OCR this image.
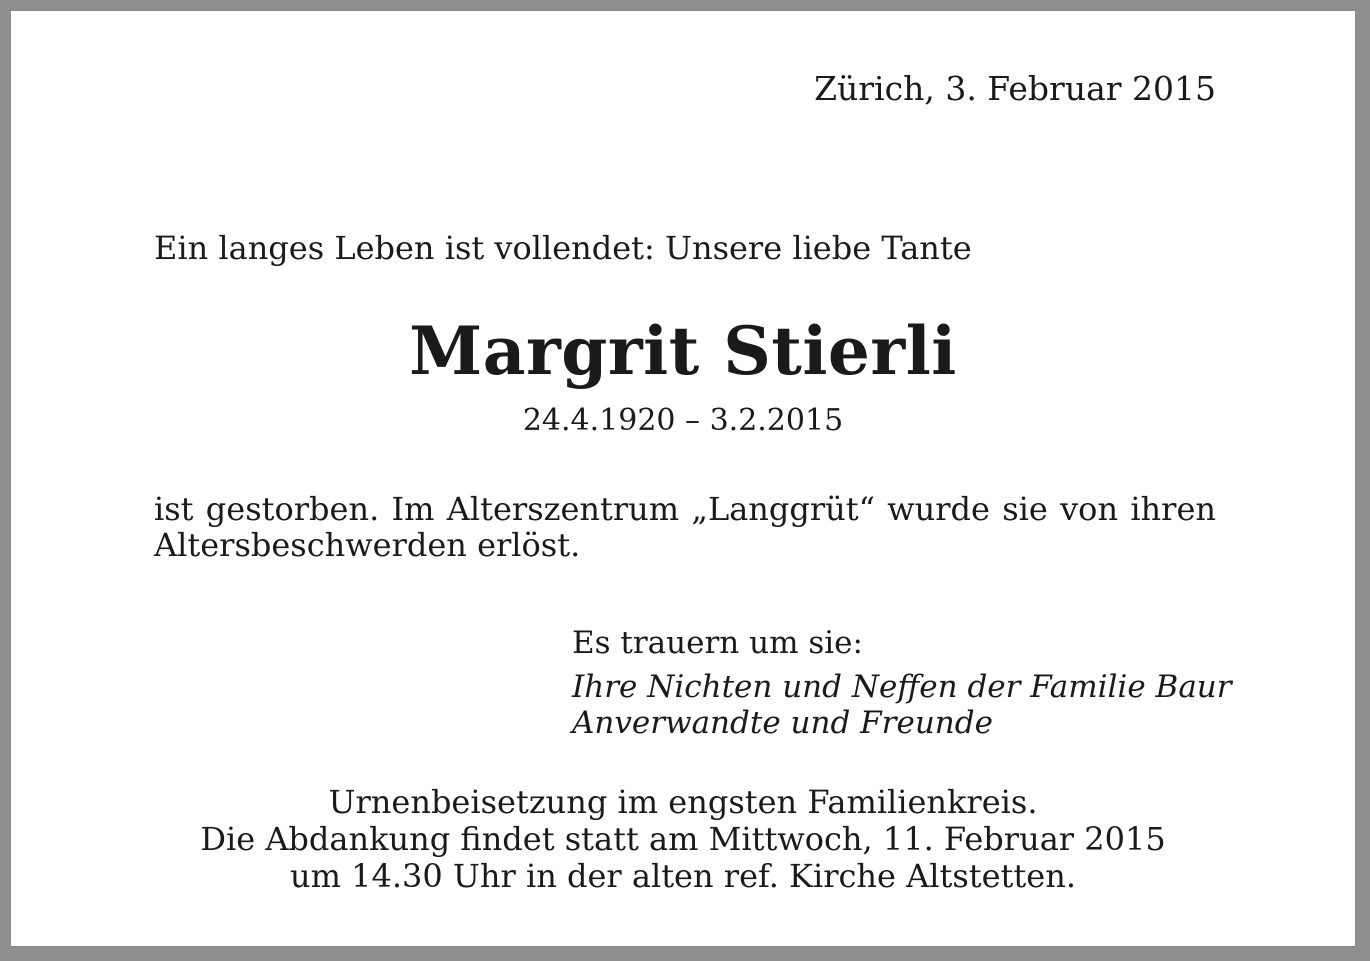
Zürich, 3. Februar 2015
Ein langes Leben ist vollendet: Unsere liebe Tante
Margrit Stierli
24.4.1920 – 3.2.2015
ist gestorben. Im Alterszentrum „Langgrüt“ wurde sie von ihren Altersbeschwerden erlöst.
Es trauern um sie:
Ihre Nichten und Neffen der Familie Baur
Anverwandte und Freunde
Urnenbeisetzung im engsten Familienkreis.
Die Abdankung findet statt am Mittwoch, 11. Februar 2015
um 14.30 Uhr in der alten ref. Kirche Altstetten.
